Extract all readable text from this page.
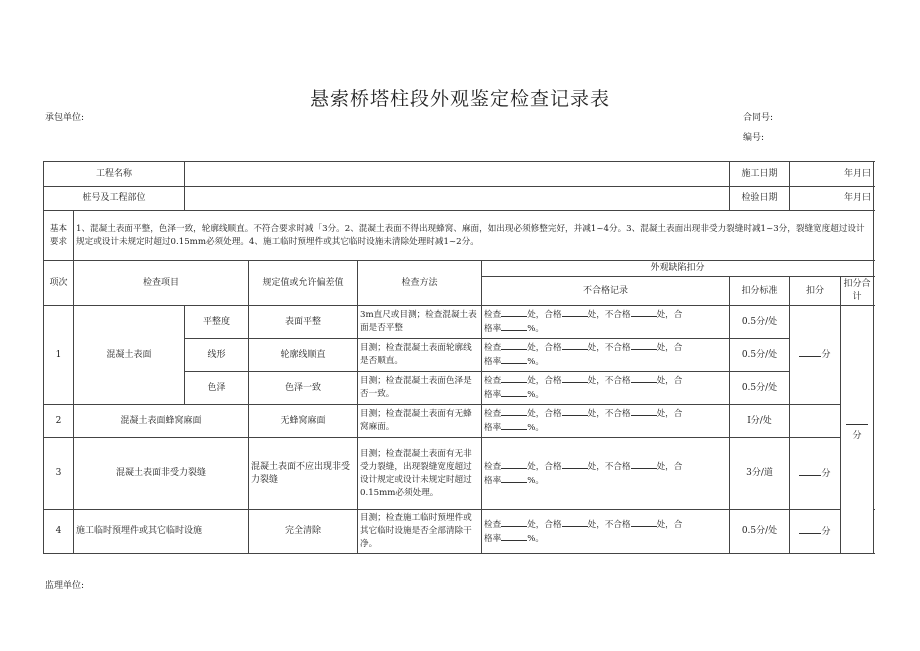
悬索桥塔柱段外观鉴定检查记录表
承包单位:	合同号:
编号:
工程名称						施工日期	年月曰		
桩号及工程部位						检验日期	年月曰		
基本要求	1、混凝土表面平整，色泽一致，轮廓线顺直。不符合要求时减「3分。2、混凝土表面不得出现蜂窝、麻面，如出现必须修整完好，并减1~4分。3、混凝土表面出现非受力裂缝时减1~3分，裂缝宽度超过设计规定或设计未规定时超过0.15mm必须处理。4、施工临时预埋件或其它临时设施未清除处理时减1~2分。								
项次	检查项目		规定值或允许偏差值	检查方法	外观缺陷扣分				
					不合格记录	扣分标准	扣分	扣分合计	
1	混凝土表面	平整度	表面平整	3m直尺或目测；检查混凝土表面是否平整	检查 处，合格 处，不合格 处，合
格率 %。	0.5分/处	分	分	
		线形	轮廓线顺直	目测；检查混凝土表面轮廓线是否顺直。	检查 处，合格 处，不合格 处，合
格率 %。	0.5分/处			
		色泽	色泽一致	目测；检查混凝土表面色泽是否一致。	检查 处，合格 处，不合格 处，合
格率 %。	0.5分/处			
2	混凝土表面蜂窝麻面		无蜂窝麻面	目测；检查混凝土表面有无蜂窝麻面。	检查 处，合格 处，不合格 处，合
格率 %。	I分/处			
3	混凝土表面非受力裂缝		混凝土表面不应出现非受力裂缝	目测；检查混凝土表面有无非受力裂缝，出现裂缝宽度超过设计规定或设计未规定时超过0.15mm必须处理。	检查 处，合格 处，不合格 处，合
格率 %。	3分/道	分		
4	施工临时预埋件或其它临时设施		完全清除	目测；检查施工临时预埋件或其它临时设施是否全部清除干净。	检查 处，合格 处，不合格 处，合
格率 %。	0.5分/处	分		
监理单位:
